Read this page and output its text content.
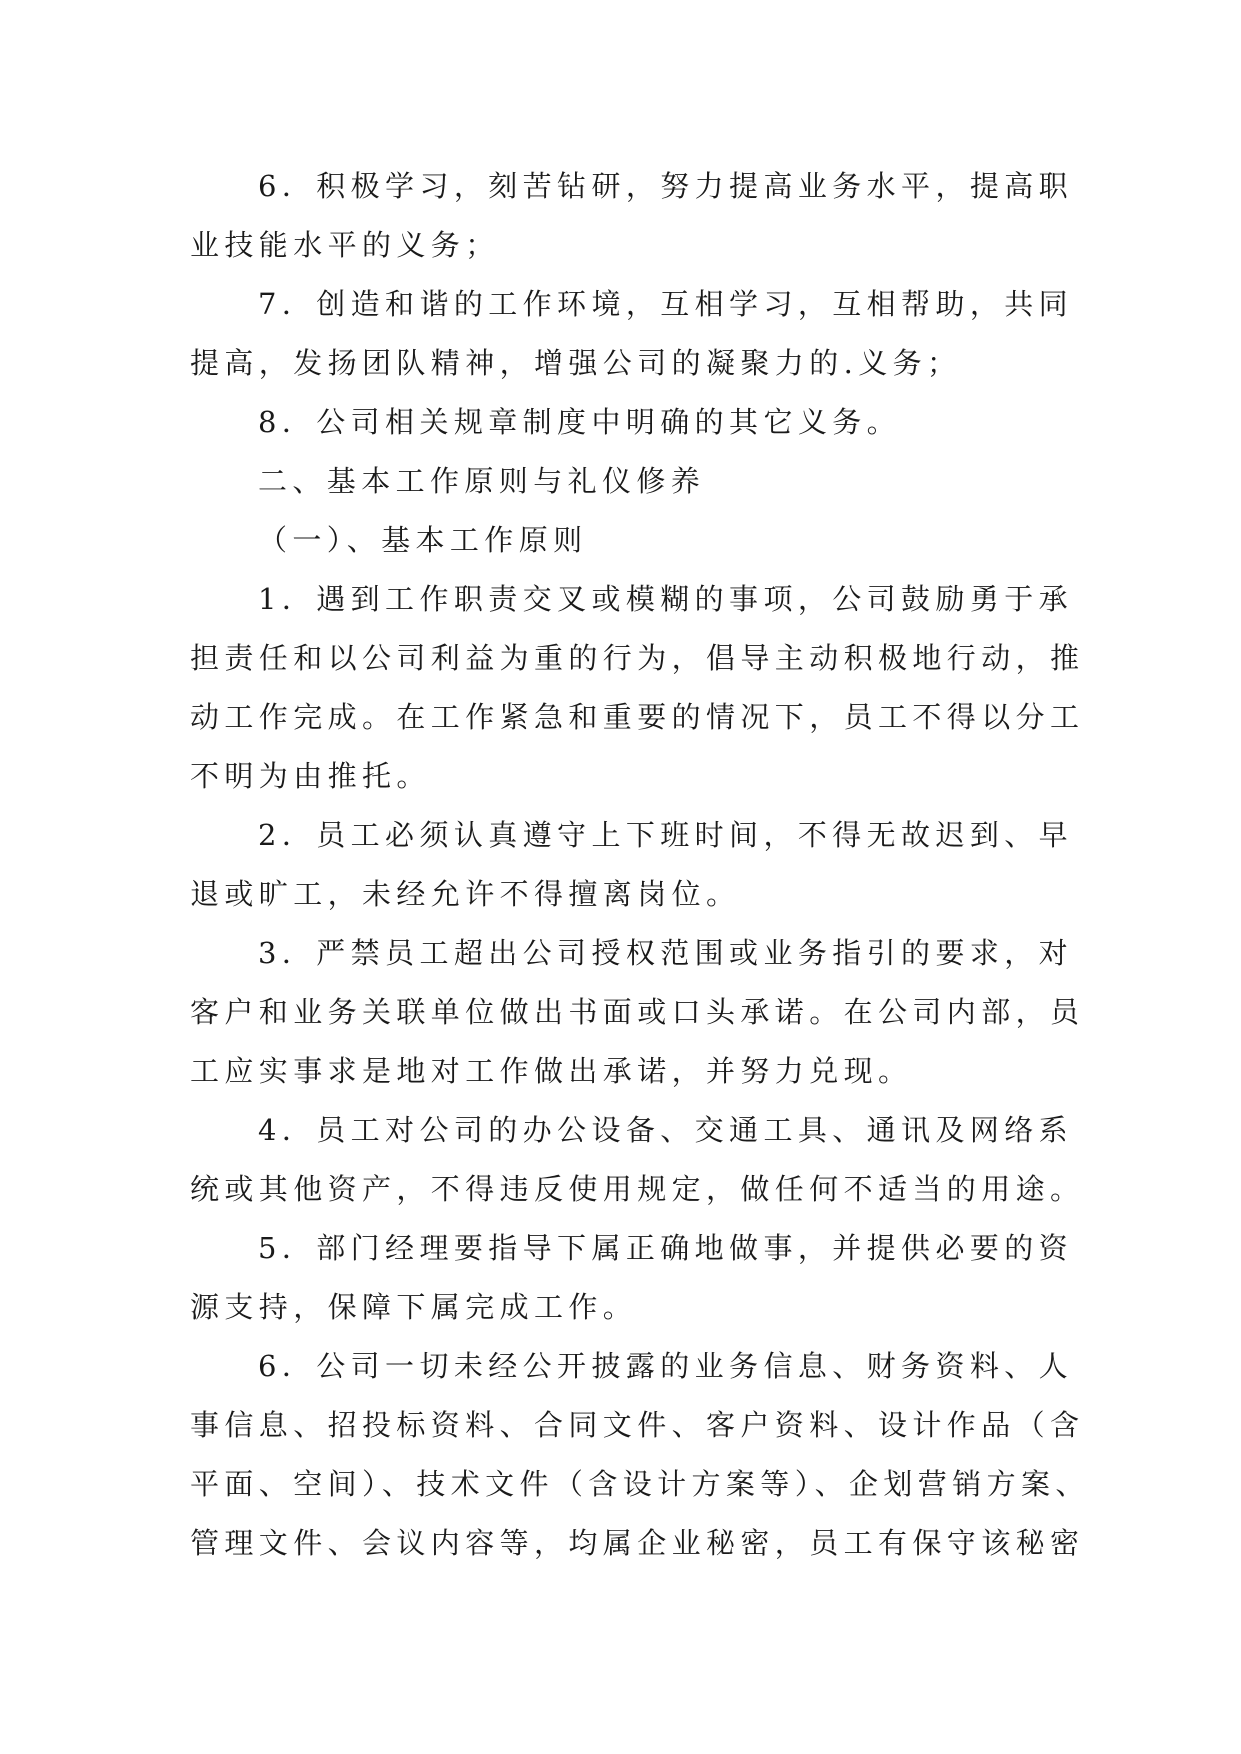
6．积极学习，刻苦钻研，努力提高业务水平，提高职
业技能水平的义务；
7．创造和谐的工作环境，互相学习，互相帮助，共同
提高，发扬团队精神，增强公司的凝聚力的.义务；
8．公司相关规章制度中明确的其它义务。
二、基本工作原则与礼仪修养
（一）、基本工作原则
1．遇到工作职责交叉或模糊的事项，公司鼓励勇于承
担责任和以公司利益为重的行为，倡导主动积极地行动，推
动工作完成。在工作紧急和重要的情况下，员工不得以分工
不明为由推托。
2．员工必须认真遵守上下班时间，不得无故迟到、早
退或旷工，未经允许不得擅离岗位。
3．严禁员工超出公司授权范围或业务指引的要求，对
客户和业务关联单位做出书面或口头承诺。在公司内部，员
工应实事求是地对工作做出承诺，并努力兑现。
4．员工对公司的办公设备、交通工具、通讯及网络系
统或其他资产，不得违反使用规定，做任何不适当的用途。
5．部门经理要指导下属正确地做事，并提供必要的资
源支持，保障下属完成工作。
6．公司一切未经公开披露的业务信息、财务资料、人
事信息、招投标资料、合同文件、客户资料、设计作品（含
平面、空间）、技术文件（含设计方案等）、企划营销方案、
管理文件、会议内容等，均属企业秘密，员工有保守该秘密
